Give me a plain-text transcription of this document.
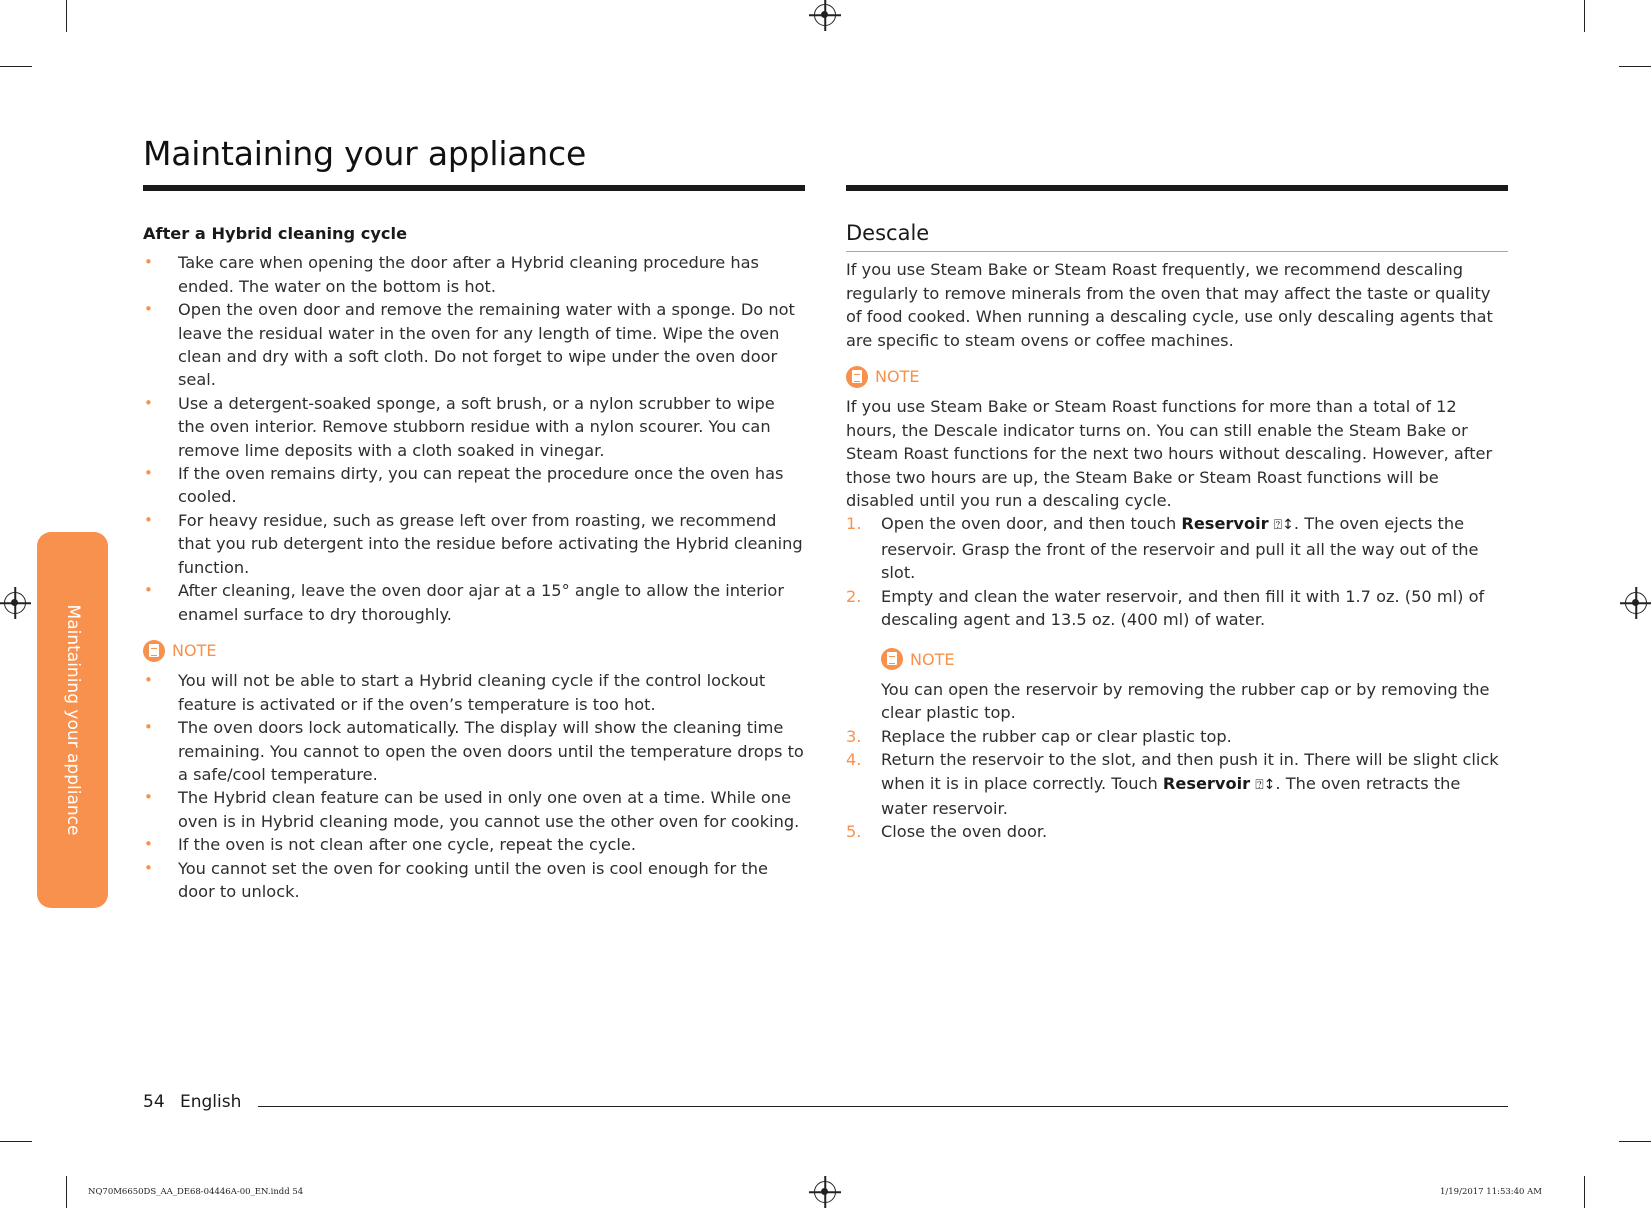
Maintaining your appliance
Maintaining your appliance
After a Hybrid cleaning cycle
• Take care when opening the door after a Hybrid cleaning procedure has ended. The water on the bottom is hot.
• Open the oven door and remove the remaining water with a sponge. Do not leave the residual water in the oven for any length of time. Wipe the oven clean and dry with a soft cloth. Do not forget to wipe under the oven door seal.
• Use a detergent-soaked sponge, a soft brush, or a nylon scrubber to wipe the oven interior. Remove stubborn residue with a nylon scourer. You can remove lime deposits with a cloth soaked in vinegar.
• If the oven remains dirty, you can repeat the procedure once the oven has cooled.
• For heavy residue, such as grease left over from roasting, we recommend that you rub detergent into the residue before activating the Hybrid cleaning function.
• After cleaning, leave the oven door ajar at a 15° angle to allow the interior enamel surface to dry thoroughly.
NOTE
• You will not be able to start a Hybrid cleaning cycle if the control lockout feature is activated or if the oven’s temperature is too hot.
• The oven doors lock automatically. The display will show the cleaning time remaining. You cannot to open the oven doors until the temperature drops to a safe/cool temperature.
• The Hybrid clean feature can be used in only one oven at a time. While one oven is in Hybrid cleaning mode, you cannot use the other oven for cooking.
• If the oven is not clean after one cycle, repeat the cycle.
• You cannot set the oven for cooking until the oven is cool enough for the door to unlock.
Descale

If you use Steam Bake or Steam Roast frequently, we recommend descaling regularly to remove minerals from the oven that may affect the taste or quality of food cooked. When running a descaling cycle, use only descaling agents that are specific to steam ovens or coffee machines.

NOTE

If you use Steam Bake or Steam Roast functions for more than a total of 12 hours, the Descale indicator turns on. You can still enable the Steam Bake or Steam Roast functions for the next two hours without descaling. However, after those two hours are up, the Steam Bake or Steam Roast functions will be disabled until you run a descaling cycle.

1. Open the oven door, and then touch Reservoir ⍰↕. The oven ejects the reservoir. Grasp the front of the reservoir and pull it all the way out of the slot.
2. Empty and clean the water reservoir, and then fill it with 1.7 oz. (50 ml) of descaling agent and 13.5 oz. (400 ml) of water.
NOTE

You can open the reservoir by removing the rubber cap or by removing the clear plastic top.

3. Replace the rubber cap or clear plastic top.
4. Return the reservoir to the slot, and then push it in. There will be slight click when it is in place correctly. Touch Reservoir ⍰↕. The oven retracts the water reservoir.
5. Close the oven door.
54 English
NQ70M6650DS_AA_DE68-04446A-00_EN.indd 54	1/19/2017 11:53:40 AM
